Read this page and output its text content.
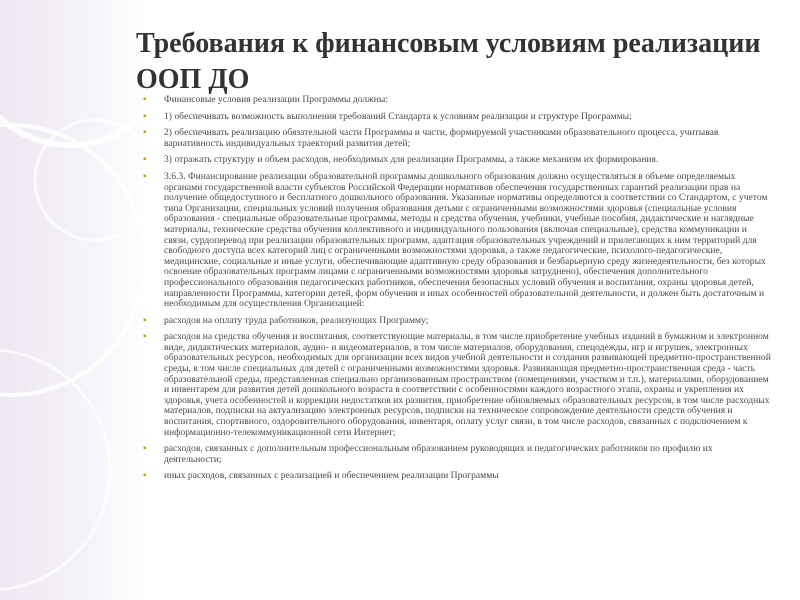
Требования к финансовым условиям реализации ООП ДО
▪ Финансовые условия реализации Программы должны:
▪ 1) обеспечивать возможность выполнения требований Стандарта к условиям реализации и структуре Программы;
▪ 2) обеспечивать реализацию обязательной части Программы и части, формируемой участниками образовательного процесса, учитывая вариативность индивидуальных траекторий развития детей;
▪ 3) отражать структуру и объем расходов, необходимых для реализации Программы, а также механизм их формирования.
▪ 3.6.3. Финансирование реализации образовательной программы дошкольного образования должно осуществляться в объеме определяемых органами государственной власти субъектов Российской Федерации нормативов обеспечения государственных гарантий реализации прав на получение общедоступного и бесплатного дошкольного образования. Указанные нормативы определяются в соответствии со Стандартом, с учетом типа Организации, специальных условий получения образования детьми с ограниченными возможностями здоровья (специальные условия образования - специальные образовательные программы, методы и средства обучения, учебники, учебные пособия, дидактические и наглядные материалы, технические средства обучения коллективного и индивидуального пользования (включая специальные), средства коммуникации и связи, сурдоперевод при реализации образовательных программ, адаптация образовательных учреждений и прилегающих к ним территорий для свободного доступа всех категорий лиц с ограниченными возможностями здоровья, а также педагогические, психолого-педагогические, медицинские, социальные и иные услуги, обеспечивающие адаптивную среду образования и безбарьерную среду жизнедеятельности, без которых освоение образовательных программ лицами с ограниченными возможностями здоровья затруднено), обеспечения дополнительного профессионального образования педагогических работников, обеспечения безопасных условий обучения и воспитания, охраны здоровья детей, направленности Программы, категории детей, форм обучения и иных особенностей образовательной деятельности, и должен быть достаточным и необходимым для осуществления Организацией:
▪ расходов на оплату труда работников, реализующих Программу;
▪ расходов на средства обучения и воспитания, соответствующие материалы, в том числе приобретение учебных изданий в бумажном и электронном виде, дидактических материалов, аудио- и видеоматериалов, в том числе материалов, оборудования, спецодежды, игр и игрушек, электронных образовательных ресурсов, необходимых для организации всех видов учебной деятельности и создания развивающей предметно-пространственной среды, в том числе специальных для детей с ограниченными возможностями здоровья. Развивающая предметно-пространственная среда - часть образовательной среды, представленная специально организованным пространством (помещениями, участком и т.п.), материалами, оборудованием и инвентарем для развития детей дошкольного возраста в соответствии с особенностями каждого возрастного этапа, охраны и укрепления их здоровья, учета особенностей и коррекции недостатков их развития, приобретение обновляемых образовательных ресурсов, в том числе расходных материалов, подписки на актуализацию электронных ресурсов, подписки на техническое сопровождение деятельности средств обучения и воспитания, спортивного, оздоровительного оборудования, инвентаря, оплату услуг связи, в том числе расходов, связанных с подключением к информационно-телекоммуникационной сети Интернет;
▪ расходов, связанных с дополнительным профессиональным образованием руководящих и педагогических работников по профилю их деятельности;
▪ иных расходов, связанных с реализацией и обеспечением реализации Программы
